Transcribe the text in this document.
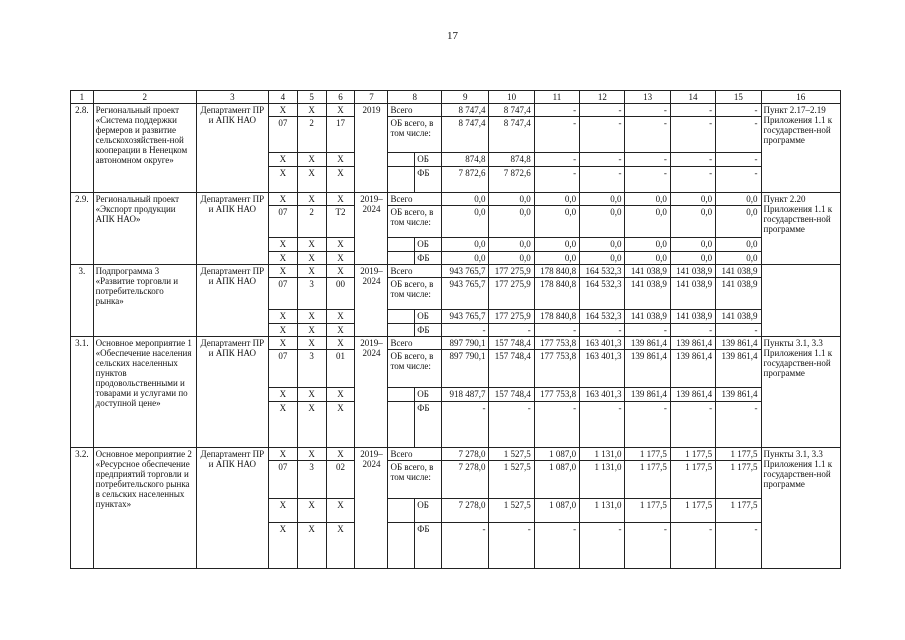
17
1	2	3	4	5	6	7	8		9	10	11	12	13	14	15	16
2.8.	Региональный проект «Система поддержки фермеров и развитие сельскохозяйствен-ной кооперации в Ненецком автономном округе»	Департамент ПР и АПК НАО	X	X	X	2019	Всего		8 747,4	8 747,4	-	-	-	-	-	Пункт 2.17–2.19 Приложения 1.1 к государствен-ной программе
			07	2	17		ОБ всего, в том числе:		8 747,4	8 747,4	-	-	-	-	-	
			X	X	X			ОБ	874,8	874,8	-	-	-	-	-	
			X	X	X			ФБ	7 872,6	7 872,6	-	-	-	-	-	
2.9.	Региональный проект «Экспорт продукции АПК НАО»	Департамент ПР и АПК НАО	X	X	X	2019–2024	Всего		0,0	0,0	0,0	0,0	0,0	0,0	0,0	Пункт 2.20 Приложения 1.1 к государствен-ной программе
			07	2	T2		ОБ всего, в том числе:		0,0	0,0	0,0	0,0	0,0	0,0	0,0	
			X	X	X			ОБ	0,0	0,0	0,0	0,0	0,0	0,0	0,0	
			X	X	X			ФБ	0,0	0,0	0,0	0,0	0,0	0,0	0,0	
3.	Подпрограмма 3 «Развитие торговли и потребительского рынка»	Департамент ПР и АПК НАО	X	X	X	2019–2024	Всего		943 765,7	177 275,9	178 840,8	164 532,3	141 038,9	141 038,9	141 038,9	
			07	3	00		ОБ всего, в том числе:		943 765,7	177 275,9	178 840,8	164 532,3	141 038,9	141 038,9	141 038,9	
			X	X	X			ОБ	943 765,7	177 275,9	178 840,8	164 532,3	141 038,9	141 038,9	141 038,9	
			X	X	X			ФБ	-	-	-	-	-	-	-	
3.1.	Основное мероприятие 1 «Обеспечение населения сельских населенных пунктов продовольственными и товарами и услугами по доступной цене»	Департамент ПР и АПК НАО	X	X	X	2019–2024	Всего		897 790,1	157 748,4	177 753,8	163 401,3	139 861,4	139 861,4	139 861,4	Пункты 3.1, 3.3 Приложения 1.1 к государствен-ной программе
			07	3	01		ОБ всего, в том числе:		897 790,1	157 748,4	177 753,8	163 401,3	139 861,4	139 861,4	139 861,4	
			X	X	X			ОБ	918 487,7	157 748,4	177 753,8	163 401,3	139 861,4	139 861,4	139 861,4	
			X	X	X			ФБ	-	-	-	-	-	-	-	
3.2.	Основное мероприятие 2 «Ресурсное обеспечение предприятий торговли и потребительского рынка в сельских населенных пунктах»	Департамент ПР и АПК НАО	X	X	X	2019–2024	Всего		7 278,0	1 527,5	1 087,0	1 131,0	1 177,5	1 177,5	1 177,5	Пункты 3.1, 3.3 Приложения 1.1 к государствен-ной программе
			07	3	02		ОБ всего, в том числе:		7 278,0	1 527,5	1 087,0	1 131,0	1 177,5	1 177,5	1 177,5	
			X	X	X			ОБ	7 278,0	1 527,5	1 087,0	1 131,0	1 177,5	1 177,5	1 177,5	
			X	X	X			ФБ	-	-	-	-	-	-	-	
